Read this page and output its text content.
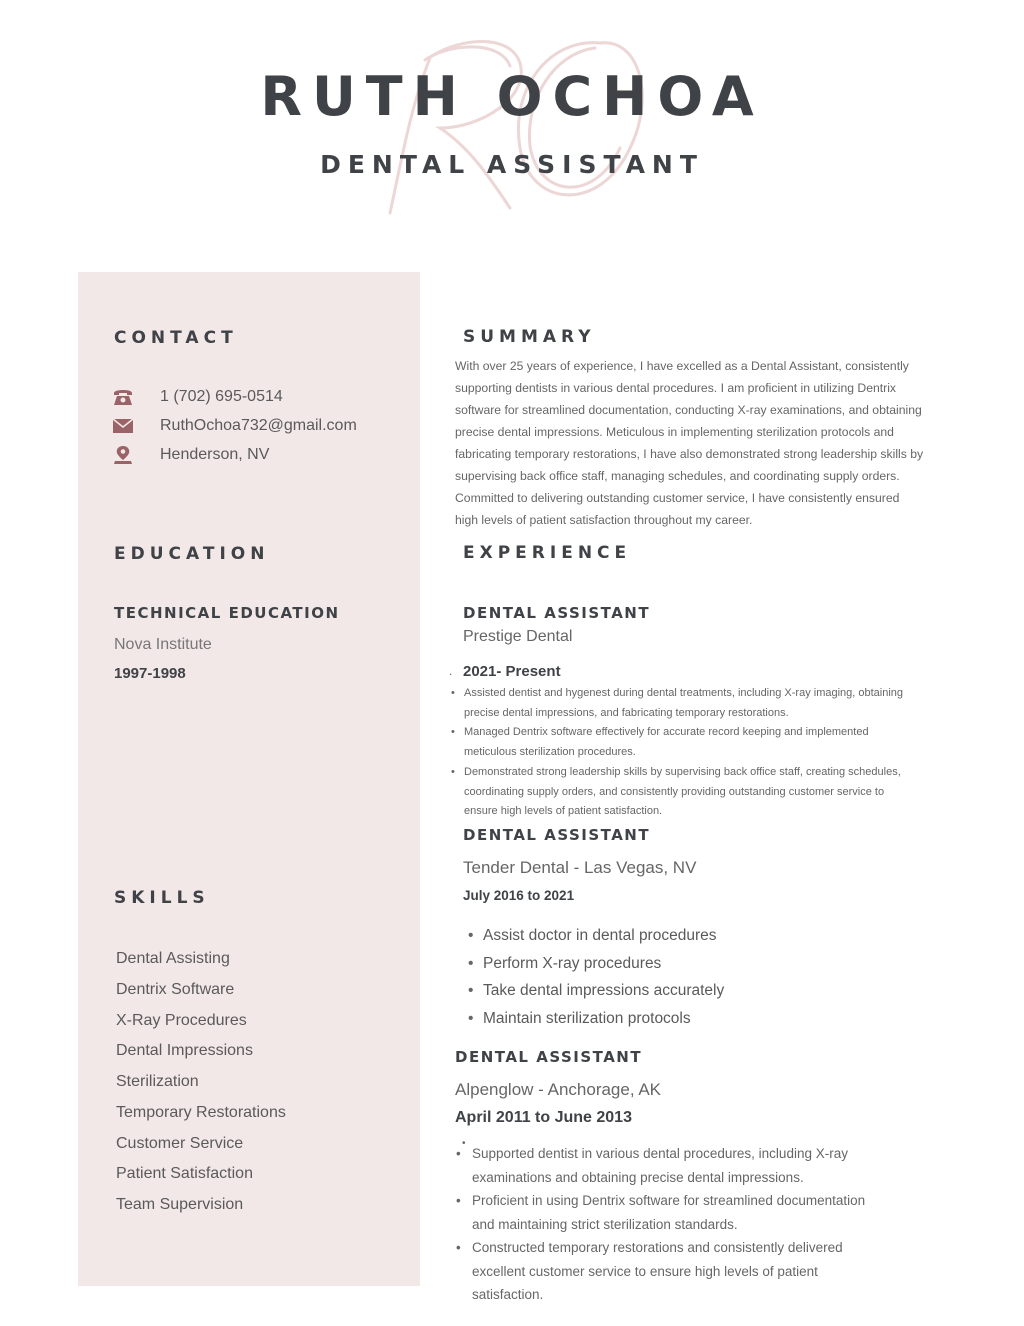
RUTH OCHOA
DENTAL ASSISTANT
CONTACT
1 (702) 695-0514
RuthOchoa732@gmail.com
Henderson, NV
EDUCATION
TECHNICAL EDUCATION
Nova Institute
1997-1998
SKILLS
Dental Assisting
Dentrix Software
X-Ray Procedures
Dental Impressions
Sterilization
Temporary Restorations
Customer Service
Patient Satisfaction
Team Supervision
SUMMARY

With over 25 years of experience, I have excelled as a Dental Assistant, consistently supporting dentists in various dental procedures. I am proficient in utilizing Dentrix software for streamlined documentation, conducting X-ray examinations, and obtaining precise dental impressions. Meticulous in implementing sterilization protocols and fabricating temporary restorations, I have also demonstrated strong leadership skills by supervising back office staff, managing schedules, and coordinating supply orders. Committed to delivering outstanding customer service, I have consistently ensured high levels of patient satisfaction throughout my career.

EXPERIENCE
DENTAL ASSISTANT
Prestige Dental
. 2021- Present
• Assisted dentist and hygenest during dental treatments, including X-ray imaging, obtaining precise dental impressions, and fabricating temporary restorations.
• Managed Dentrix software effectively for accurate record keeping and implemented meticulous sterilization procedures.
• Demonstrated strong leadership skills by supervising back office staff, creating schedules, coordinating supply orders, and consistently providing outstanding customer service to ensure high levels of patient satisfaction.
DENTAL ASSISTANT
Tender Dental - Las Vegas, NV
July 2016 to 2021
• Assist doctor in dental procedures
• Perform X-ray procedures
• Take dental impressions accurately
• Maintain sterilization protocols
DENTAL ASSISTANT
Alpenglow - Anchorage, AK
April 2011 to June 2013
•
• Supported dentist in various dental procedures, including X-ray examinations and obtaining precise dental impressions.
• Proficient in using Dentrix software for streamlined documentation and maintaining strict sterilization standards.
• Constructed temporary restorations and consistently delivered excellent customer service to ensure high levels of patient satisfaction.
